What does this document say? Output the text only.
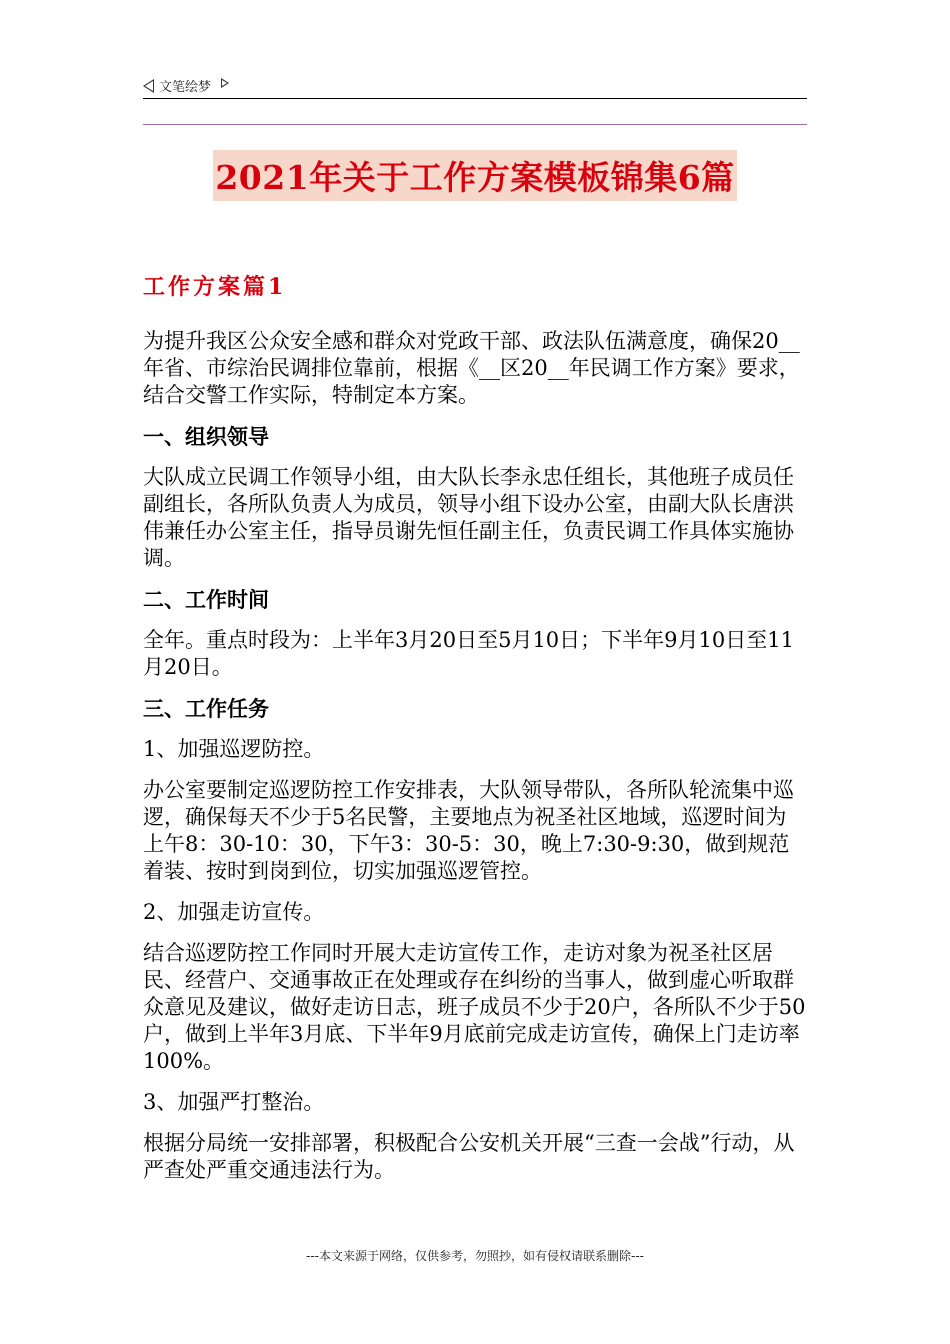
文笔绘梦
2021年关于工作方案模板锦集6篇
工作方案篇1

为提升我区公众安全感和群众对党政干部、政法队伍满意度，确保20__年省、市综治民调排位靠前，根据《__区20__年民调工作方案》要求，结合交警工作实际，特制定本方案。

一、组织领导

大队成立民调工作领导小组，由大队长李永忠任组长，其他班子成员任副组长，各所队负责人为成员，领导小组下设办公室，由副大队长唐洪伟兼任办公室主任，指导员谢先恒任副主任，负责民调工作具体实施协调。

二、工作时间

全年。重点时段为：上半年3月20日至5月10日；下半年9月10日至11月20日。

三、工作任务

1、加强巡逻防控。

办公室要制定巡逻防控工作安排表，大队领导带队，各所队轮流集中巡逻，确保每天不少于5名民警，主要地点为祝圣社区地域，巡逻时间为上午8：30-10：30，下午3：30-5：30，晚上7:30-9:30，做到规范着装、按时到岗到位，切实加强巡逻管控。

2、加强走访宣传。

结合巡逻防控工作同时开展大走访宣传工作，走访对象为祝圣社区居民、经营户、交通事故正在处理或存在纠纷的当事人，做到虚心听取群众意见及建议，做好走访日志，班子成员不少于20户，各所队不少于50户，做到上半年3月底、下半年9月底前完成走访宣传，确保上门走访率100%。

3、加强严打整治。

根据分局统一安排部署，积极配合公安机关开展“三查一会战”行动，从严查处严重交通违法行为。

---本文来源于网络，仅供参考，勿照抄，如有侵权请联系删除---
